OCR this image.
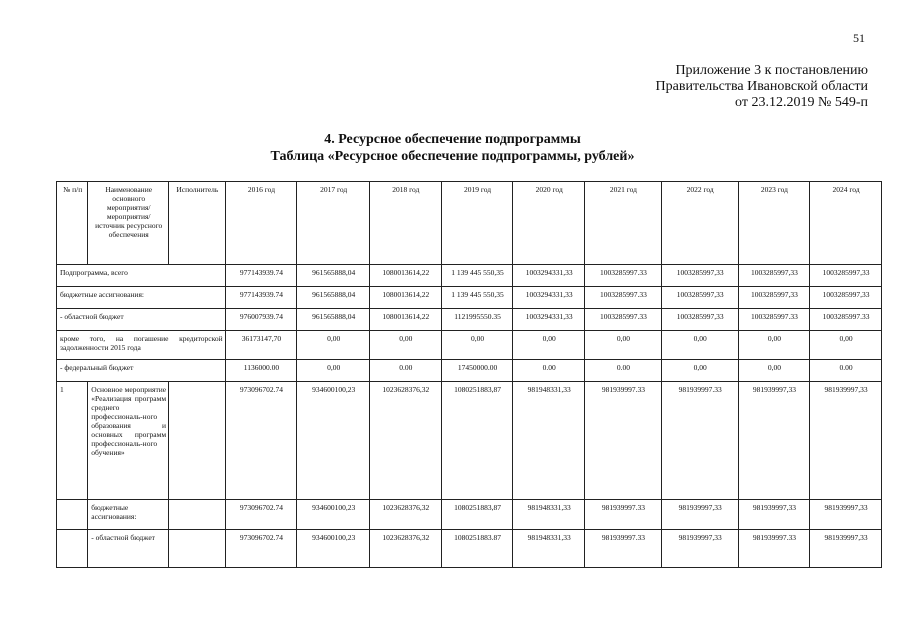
51
Приложение 3 к постановлению
Правительства Ивановской области
от 23.12.2019 № 549-п
4. Ресурсное обеспечение подпрограммы
Таблица «Ресурсное обеспечение подпрограммы, рублей»
№ п/п	Наименование основного мероприятия/ мероприятия/ источник ресурсного обеспечения	Исполнитель	2016 год	2017 год	2018 год	2019 год	2020 год	2021 год	2022 год	2023 год	2024 год
Подпрограмма, всего			977143939.74	961565888,04	1080013614,22	1 139 445 550,35	1003294331,33	1003285997.33	1003285997,33	1003285997,33	1003285997,33
бюджетные ассигнования:			977143939.74	961565888,04	1080013614,22	1 139 445 550,35	1003294331,33	1003285997.33	1003285997,33	1003285997,33	1003285997,33
- областной бюджет			976007939.74	961565888,04	1080013614,22	1121995550.35	1003294331,33	1003285997.33	1003285997,33	1003285997.33	1003285997.33
кроме того, на погашение кредиторской задолженности 2015 года			36173147,70	0,00	0,00	0,00	0,00	0,00	0,00	0,00	0,00
- федеральный бюджет			1136000.00	0,00	0.00	17450000.00	0.00	0.00	0,00	0,00	0.00
1	Основное мероприятие «Реализация программ среднего профессиональ-ного образования и основных программ профессиональ-ного обучения»		973096702.74	934600100,23	1023628376,32	1080251883,87	981948331,33	981939997.33	981939997.33	981939997,33	981939997,33
	бюджетные ассигнования:		973096702.74	934600100,23	1023628376,32	1080251883,87	981948331,33	981939997.33	981939997,33	981939997,33	981939997,33
	- областной бюджет		973096702.74	934600100,23	1023628376,32	1080251883.87	981948331,33	981939997.33	981939997,33	981939997.33	981939997,33
